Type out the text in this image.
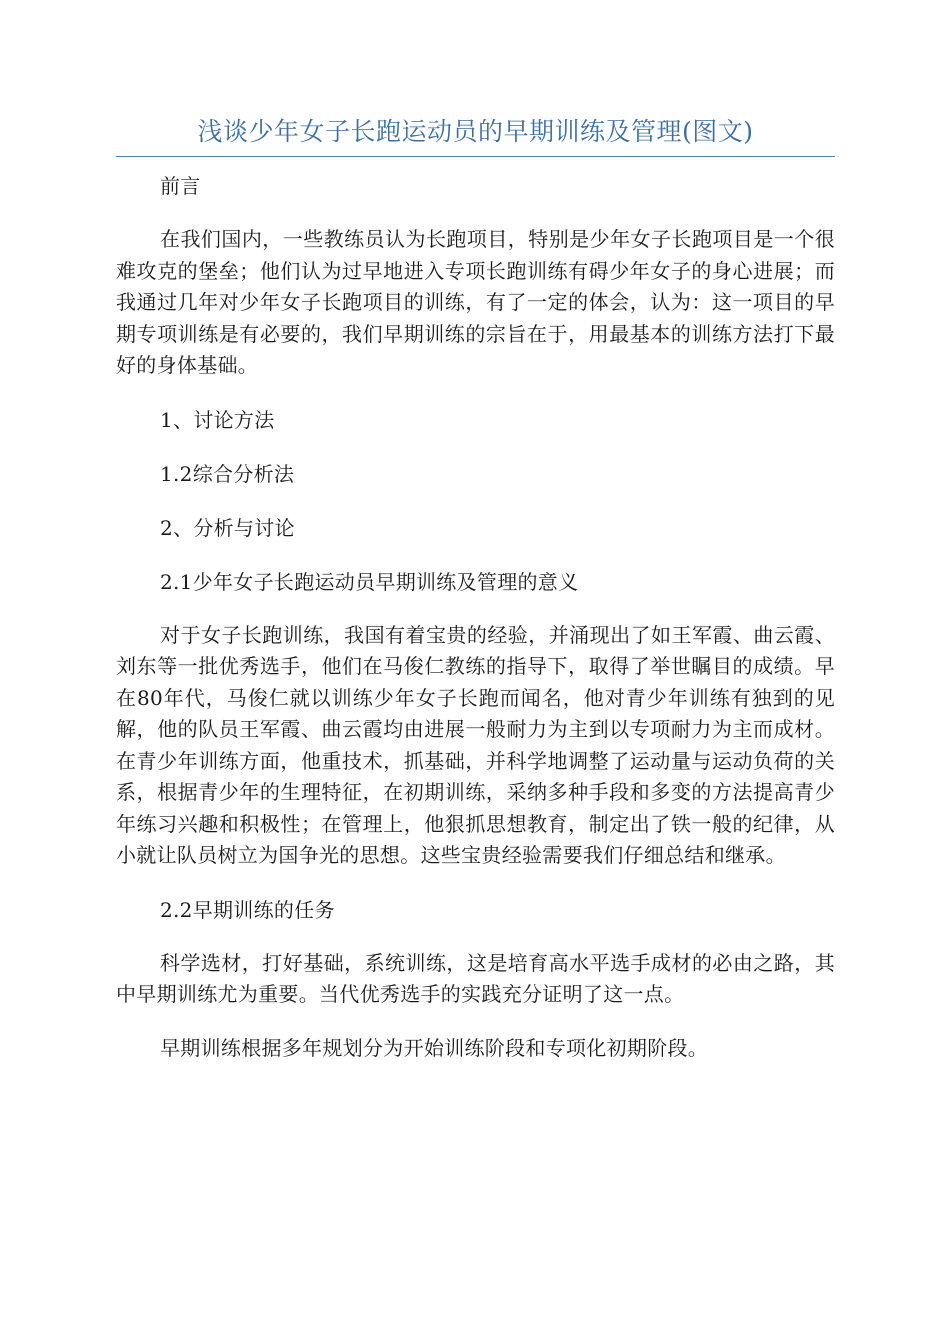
浅谈少年女子长跑运动员的早期训练及管理(图文)

前言

在我们国内，一些教练员认为长跑项目，特别是少年女子长跑项目是一个很难攻克的堡垒；他们认为过早地进入专项长跑训练有碍少年女子的身心进展；而我通过几年对少年女子长跑项目的训练，有了一定的体会，认为：这一项目的早期专项训练是有必要的，我们早期训练的宗旨在于，用最基本的训练方法打下最好的身体基础。

1、讨论方法

1.2综合分析法

2、分析与讨论

2.1少年女子长跑运动员早期训练及管理的意义

对于女子长跑训练，我国有着宝贵的经验，并涌现出了如王军霞、曲云霞、刘东等一批优秀选手，他们在马俊仁教练的指导下，取得了举世瞩目的成绩。早在80年代，马俊仁就以训练少年女子长跑而闻名，他对青少年训练有独到的见解，他的队员王军霞、曲云霞均由进展一般耐力为主到以专项耐力为主而成材。在青少年训练方面，他重技术，抓基础，并科学地调整了运动量与运动负荷的关系，根据青少年的生理特征，在初期训练，采纳多种手段和多变的方法提高青少年练习兴趣和积极性；在管理上，他狠抓思想教育，制定出了铁一般的纪律，从小就让队员树立为国争光的思想。这些宝贵经验需要我们仔细总结和继承。

2.2早期训练的任务

科学选材，打好基础，系统训练，这是培育高水平选手成材的必由之路，其中早期训练尤为重要。当代优秀选手的实践充分证明了这一点。

早期训练根据多年规划分为开始训练阶段和专项化初期阶段。
